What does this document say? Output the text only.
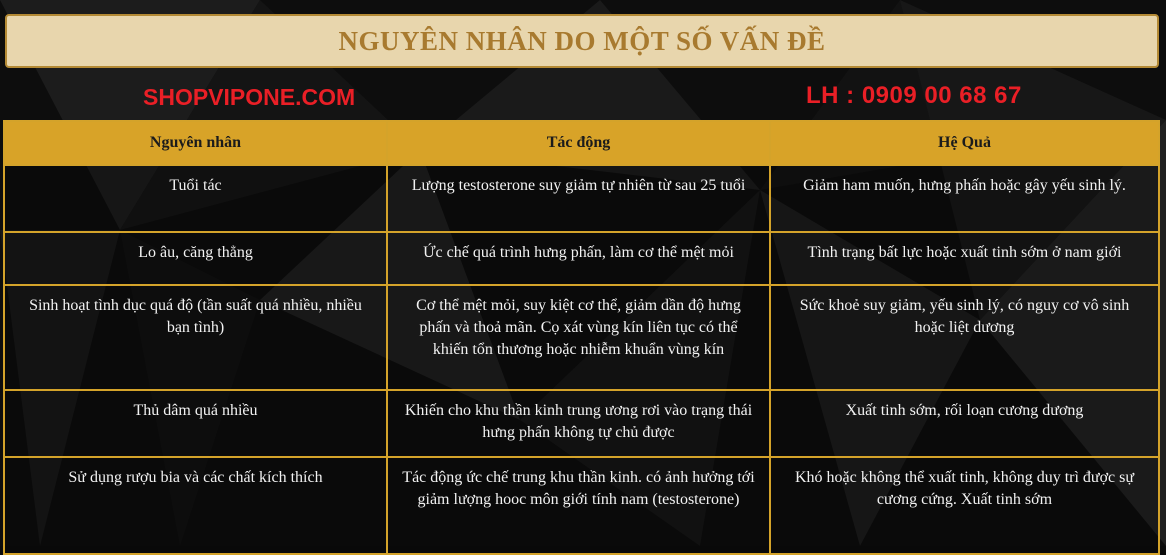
NGUYÊN NHÂN DO MỘT SỐ VẤN ĐỀ
SHOPVIPONE.COM	LH : 0909 00 68 67
Nguyên nhân	Tác động	Hệ Quả
Tuổi tác	Lượng testosterone suy giảm tự nhiên từ sau 25 tuổi	Giảm ham muốn, hưng phấn hoặc gây yếu sinh lý.
Lo âu, căng thẳng	Ức chế quá trình hưng phấn, làm cơ thể mệt mỏi	Tình trạng bất lực hoặc xuất tinh sớm ở nam giới
Sinh hoạt tình dục quá độ (tần suất quá nhiều, nhiều bạn tình)	Cơ thể mệt mỏi, suy kiệt cơ thể, giảm dần độ hưng phấn và thoả mãn. Cọ xát vùng kín liên tục có thể khiến tổn thương hoặc nhiễm khuẩn vùng kín	Sức khoẻ suy giảm, yếu sinh lý, có nguy cơ vô sinh hoặc liệt dương
Thủ dâm quá nhiều	Khiến cho khu thần kinh trung ương rơi vào trạng thái hưng phấn không tự chủ được	Xuất tinh sớm, rối loạn cương dương
Sử dụng rượu bia và các chất kích thích	Tác động ức chế trung khu thần kinh. có ảnh hưởng tới giảm lượng hooc môn giới tính nam (testosterone)	Khó hoặc không thể xuất tinh, không duy trì được sự cương cứng. Xuất tinh sớm
